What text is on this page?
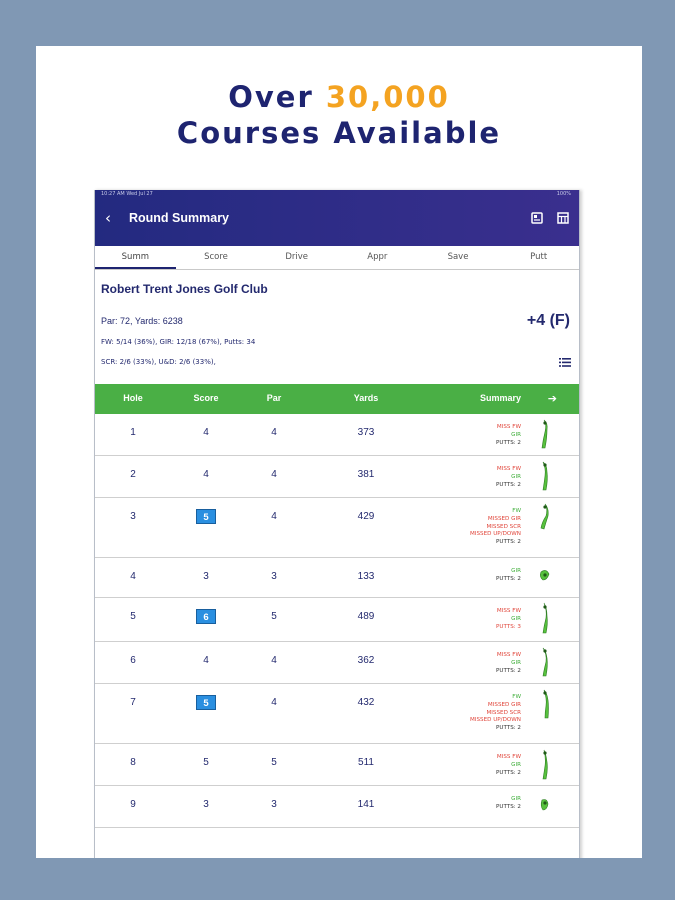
Over 30,000
Courses Available
10:27 AM Wed Jul 27	100%
‹	Round Summary
Summ	Score	Drive	Appr	Save	Putt
Robert Trent Jones Golf Club
Par: 72, Yards: 6238	+4 (F)
FW: 5/14 (36%), GIR: 12/18 (67%), Putts: 34
SCR: 2/6 (33%), U&D: 2/6 (33%),
Hole	Score	Par	Yards	Summary ➔
1	4	4	373	MISS FW
GIR
PUTTS: 2
2	4	4	381	MISS FW
GIR
PUTTS: 2
3	5	4	429	FW
MISSED GIR
MISSED SCR
MISSED UP/DOWN
PUTTS: 2
4	3	3	133	GIR
PUTTS: 2
5	6	5	489	MISS FW
GIR
PUTTS: 3
6	4	4	362	MISS FW
GIR
PUTTS: 2
7	5	4	432	FW
MISSED GIR
MISSED SCR
MISSED UP/DOWN
PUTTS: 2
8	5	5	511	MISS FW
GIR
PUTTS: 2
9	3	3	141	GIR
PUTTS: 2
